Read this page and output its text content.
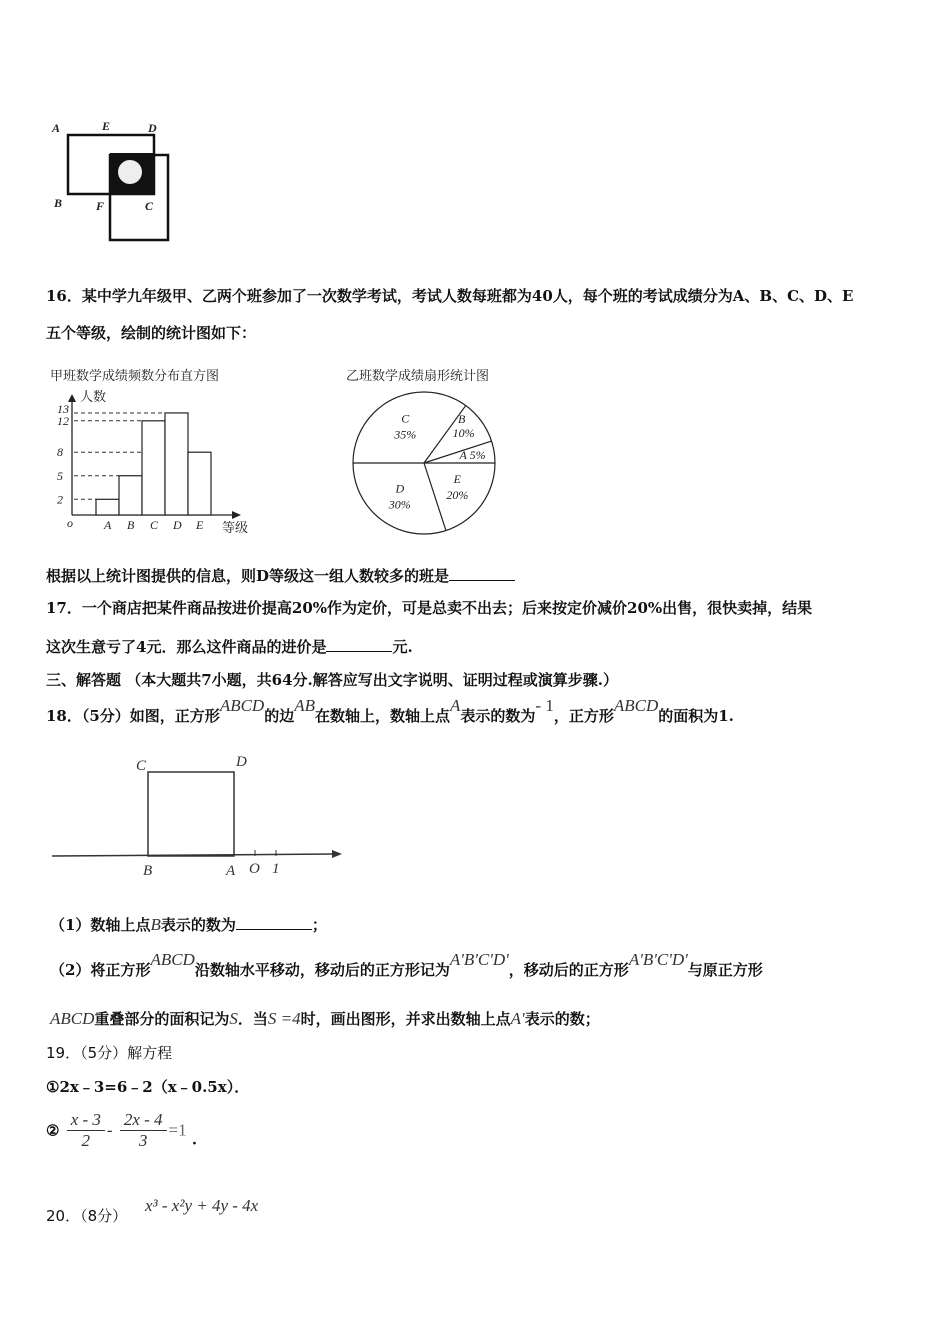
A	E	D
B	F	C
甲班数学成绩频数分布直方图
人数
等级
o
2
5
8
12
13
A B C D E
乙班数学成绩扇形统计图
A 5%
B
10%
C
35%
D
30%
E
20%
C	D
B	A O 1
16．某中学九年级甲、乙两个班参加了一次数学考试，考试人数每班都为40人，每个班的考试成绩分为A、B、C、D、E
五个等级，绘制的统计图如下：
根据以上统计图提供的信息，则D等级这一组人数较多的班是
17．一个商店把某件商品按进价提高20%作为定价，可是总卖不出去；后来按定价减价20%出售，很快卖掉，结果
这次生意亏了4元．那么这件商品的进价是	元.
三、解答题 （本大题共7小题，共64分.解答应写出文字说明、证明过程或演算步骤.）
18．（5分）如图，正方形ABCD的边AB在数轴上，数轴上点A表示的数为- 1，正方形ABCD的面积为1.
（1）数轴上点B表示的数为	；
（2）将正方形ABCD沿数轴水平移动，移动后的正方形记为A'B'C'D'，移动后的正方形A'B'C'D'与原正方形
ABCD重叠部分的面积记为S．当S =4时，画出图形，并求出数轴上点A'表示的数；
19．（5分）解方程
①2x﹣3=6﹣2（x﹣0.5x）．
② $\frac{x - 3}{2} - \frac{2x - 4}{3} =1$ .
20．（8分）
x³ - x²y + 4y - 4x
